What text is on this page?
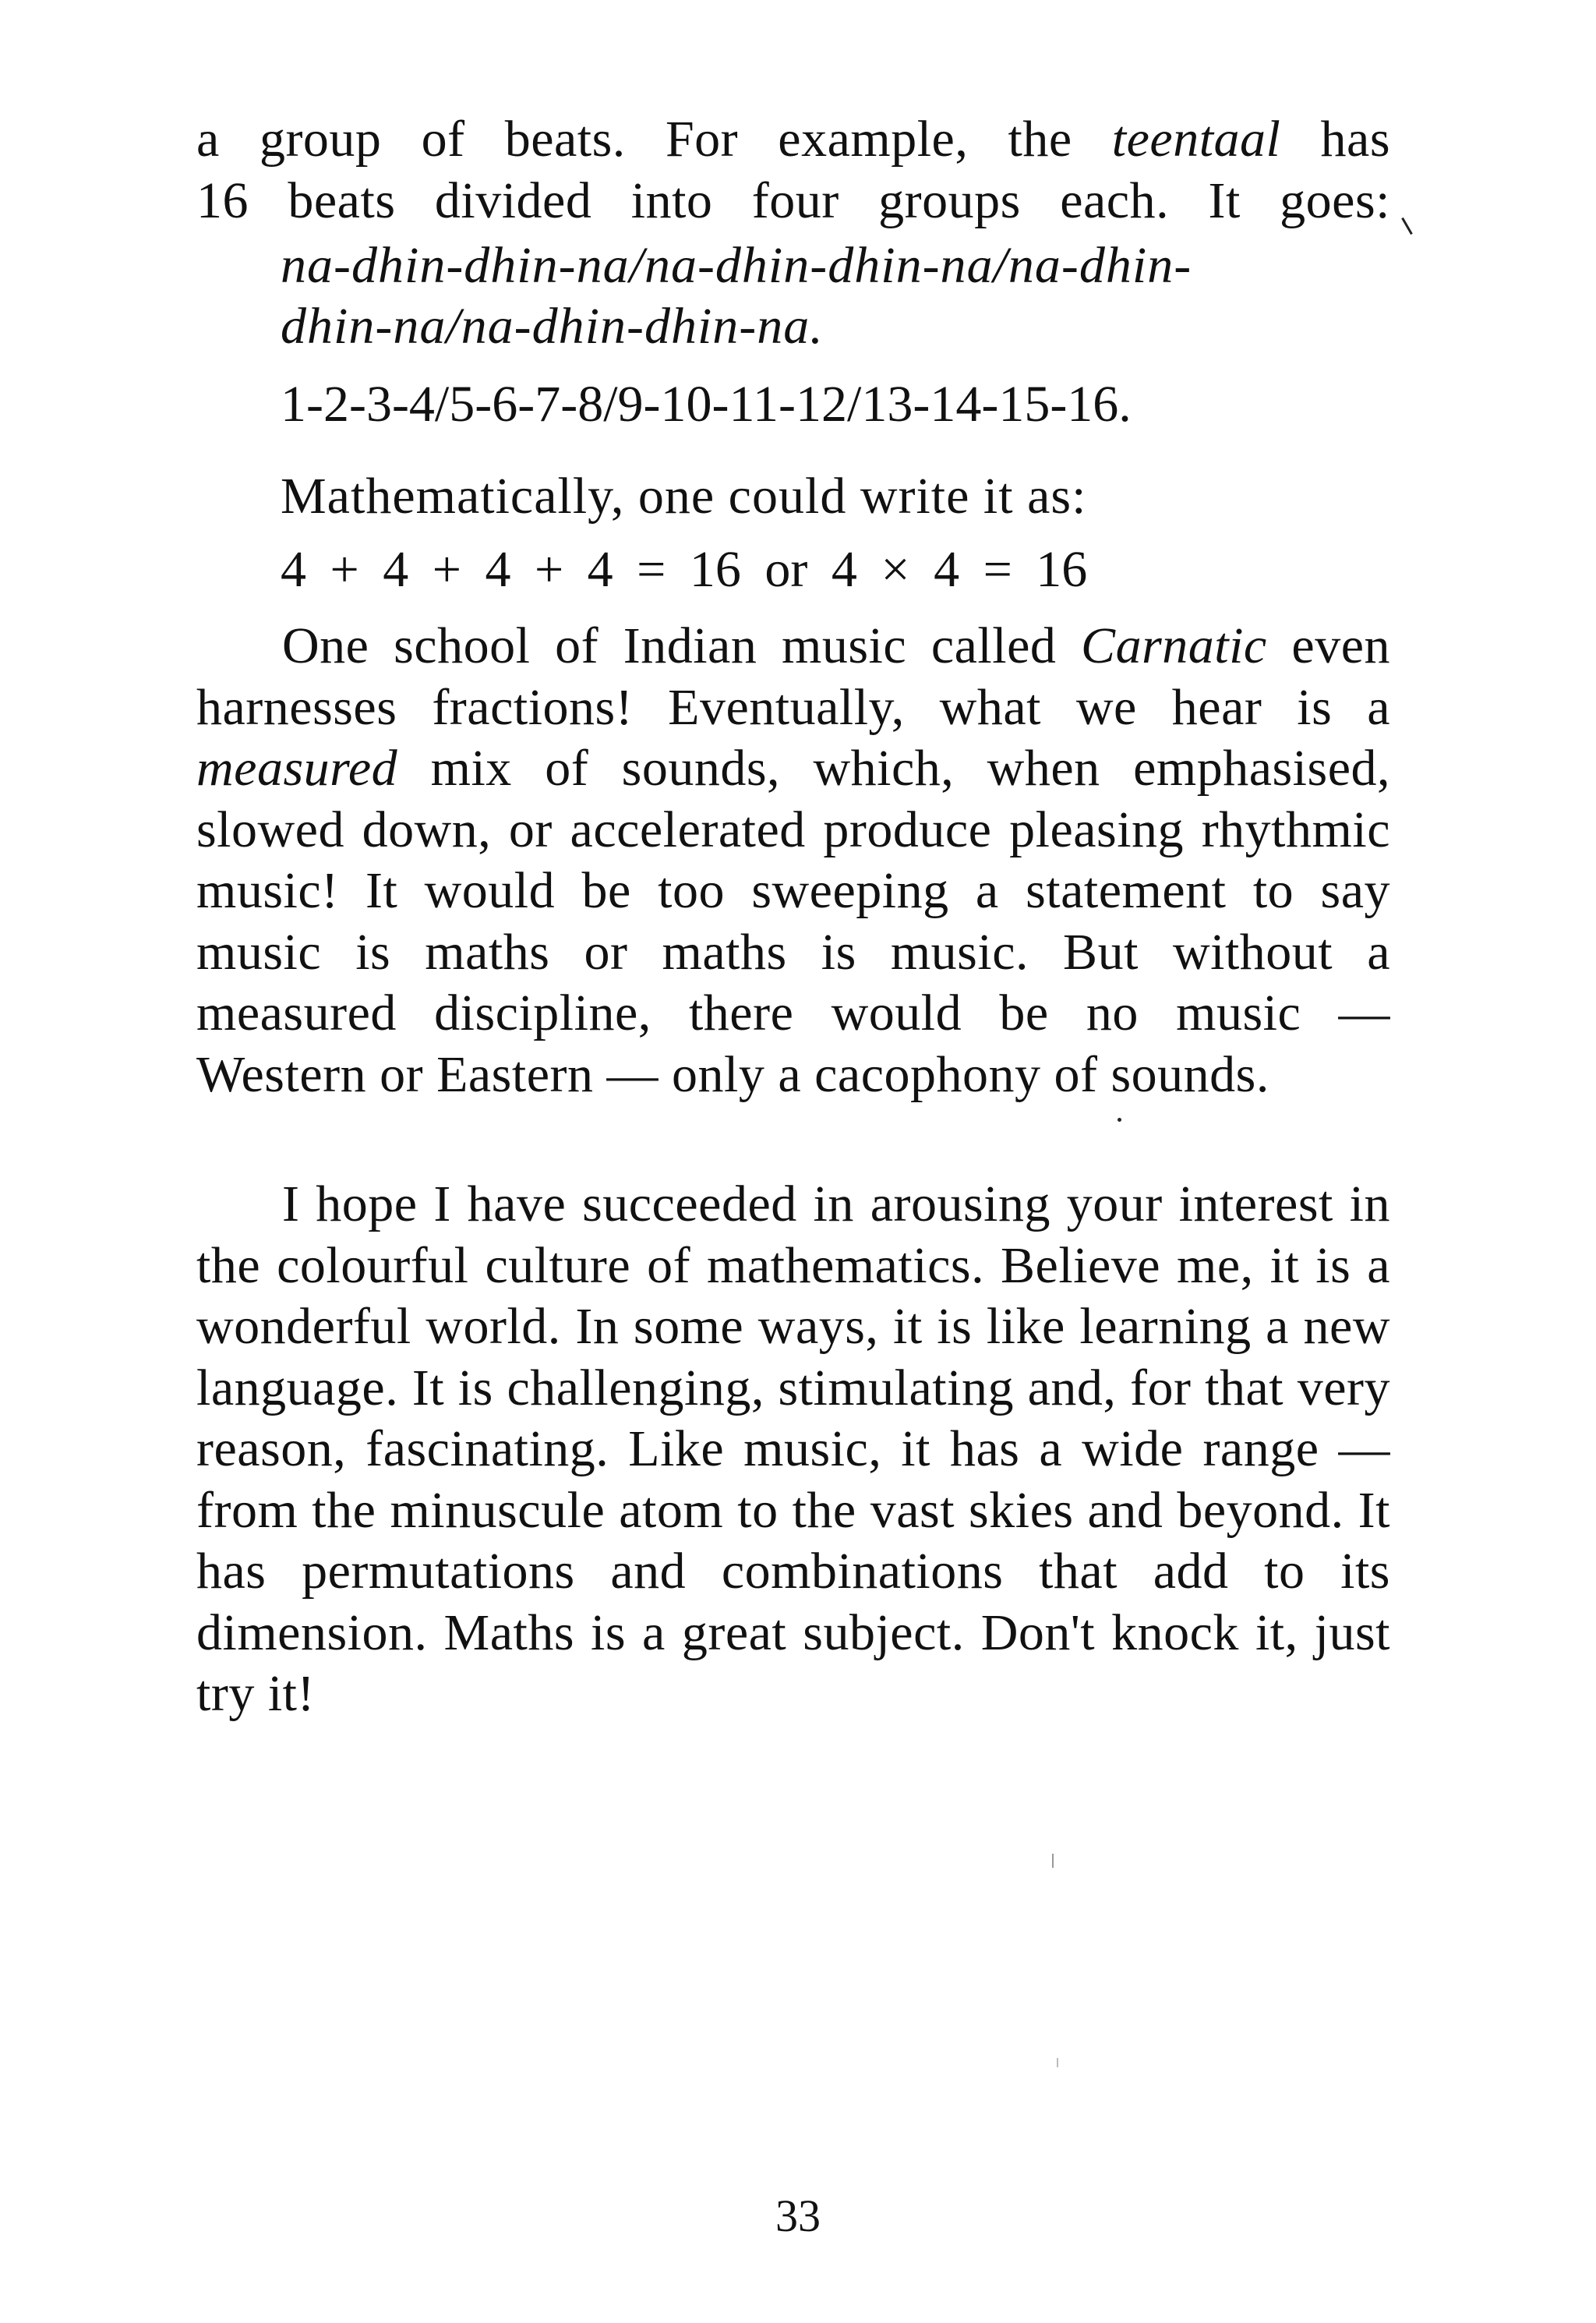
a group of beats. For example, the teentaal has
16 beats divided into four groups each. It goes:
na-dhin-dhin-na/na-dhin-dhin-na/na-dhin-
dhin-na/na-dhin-dhin-na.
1-2-3-4/5-6-7-8/9-10-11-12/13-14-15-16.
Mathematically, one could write it as:
4 + 4 + 4 + 4 = 16 or 4 × 4 = 16
One school of Indian music called Carnatic even harnesses fractions! Eventually, what we hear is a measured mix of sounds, which, when emphasised, slowed down, or accelerated produce pleasing rhythmic music! It would be too sweeping a statement to say music is maths or maths is music. But without a measured discipline, there would be no music — Western or Eastern — only a cacophony of sounds.
I hope I have succeeded in arousing your interest in the colourful culture of mathematics. Believe me, it is a wonderful world. In some ways, it is like learning a new language. It is challenging, stimulating and, for that very reason, fascinating. Like music, it has a wide range — from the minuscule atom to the vast skies and beyond. It has permutations and combinations that add to its dimension. Maths is a great subject. Don't knock it, just try it!
33
